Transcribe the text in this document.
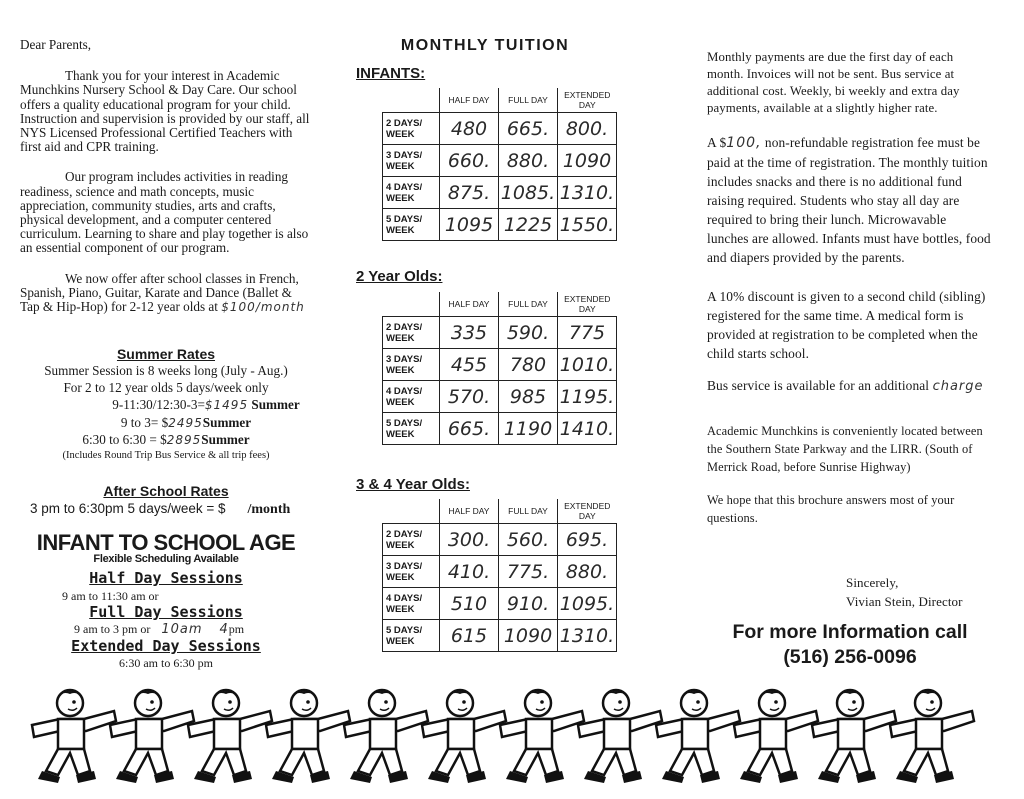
Dear Parents,

Thank you for your interest in Academic Munchkins Nursery School & Day Care. Our school offers a quality educational program for your child. Instruction and supervision is provided by our staff, all NYS Licensed Professional Certified Teachers with first aid and CPR training.

Our program includes activities in reading readiness, science and math concepts, music appreciation, community studies, arts and crafts, physical development, and a computer centered curriculum. Learning to share and play together is also an essential component of our program.

We now offer after school classes in French, Spanish, Piano, Guitar, Karate and Dance (Ballet & Tap & Hip-Hop) for 2-12 year olds at $100/month

Summer Rates

Summer Session is 8 weeks long (July - Aug.)

For 2 to 12 year olds 5 days/week only

9-11:30/12:30-3=$1495 Summer

9 to 3= $2495Summer

6:30 to 6:30 = $2895Summer

(Includes Round Trip Bus Service & all trip fees)

After School Rates
3 pm to 6:30pm 5 days/week = $ /month
INFANT TO SCHOOL AGE
Flexible Scheduling Available
Half Day Sessions
9 am to 11:30 am or
Full Day Sessions
9 am to 3 pm or 10am 4pm
Extended Day Sessions
6:30 am to 6:30 pm
MONTHLY TUITION
INFANTS:
	HALF DAY	FULL DAY	EXTENDED DAY
2 DAYS/ WEEK	480	665.	800.
3 DAYS/ WEEK	660.	880.	1090
4 DAYS/ WEEK	875.	1085.	1310.
5 DAYS/ WEEK	1095	1225	1550.
2 Year Olds:
	HALF DAY	FULL DAY	EXTENDED DAY
2 DAYS/ WEEK	335	590.	775
3 DAYS/ WEEK	455	780	1010.
4 DAYS/ WEEK	570.	985	1195.
5 DAYS/ WEEK	665.	1190	1410.
3 & 4 Year Olds:
	HALF DAY	FULL DAY	EXTENDED DAY
2 DAYS/ WEEK	300.	560.	695.
3 DAYS/ WEEK	410.	775.	880.
4 DAYS/ WEEK	510	910.	1095.
5 DAYS/ WEEK	615	1090	1310.

Monthly payments are due the first day of each month. Invoices will not be sent. Bus service at additional cost. Weekly, bi weekly and extra day payments, available at a slightly higher rate.

A $100, non-refundable registration fee must be paid at the time of registration. The monthly tuition includes snacks and there is no additional fund raising required. Students who stay all day are required to bring their lunch. Microwavable lunches are allowed. Infants must have bottles, food and diapers provided by the parents.

A 10% discount is given to a second child (sibling) registered for the same time. A medical form is provided at registration to be completed when the child starts school.

Bus service is available for an additional charge

Academic Munchkins is conveniently located between the Southern State Parkway and the LIRR. (South of Merrick Road, before Sunrise Highway)

We hope that this brochure answers most of your questions.

Sincerely,

Vivian Stein, Director

For more Information call
(516) 256-0096
